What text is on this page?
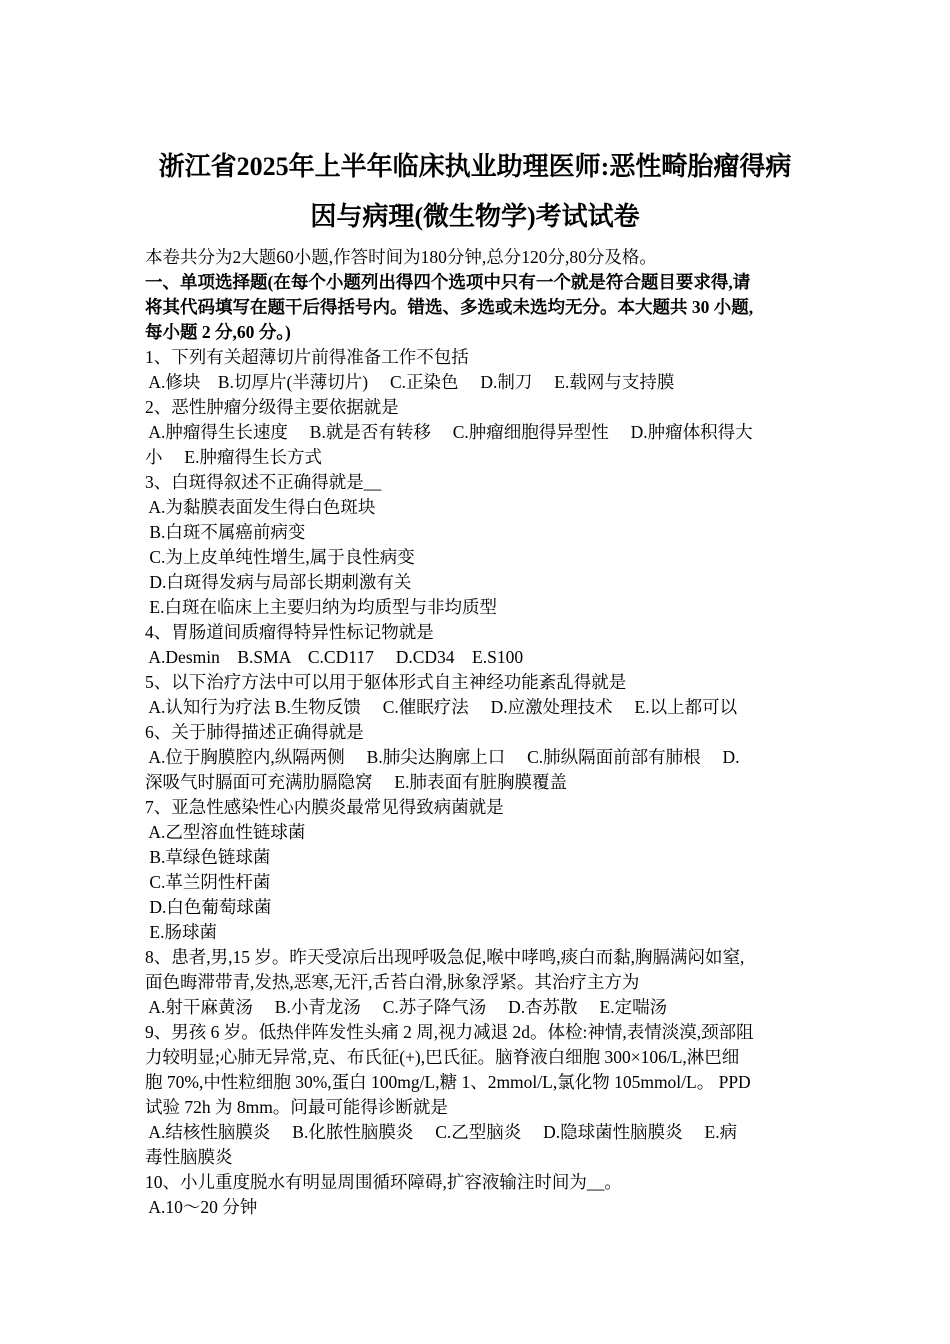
浙江省2025年上半年临床执业助理医师:恶性畸胎瘤得病
因与病理(微生物学)考试试卷
本卷共分为2大题60小题,作答时间为180分钟,总分120分,80分及格。
一、单项选择题(在每个小题列出得四个选项中只有一个就是符合题目要求得,请
将其代码填写在题干后得括号内。错选、多选或未选均无分。本大题共 30 小题,
每小题 2 分,60 分。)
1、下列有关超薄切片前得准备工作不包括
A.修块    B.切厚片(半薄切片)     C.正染色     D.制刀     E.载网与支持膜
2、恶性肿瘤分级得主要依据就是
A.肿瘤得生长速度     B.就是否有转移     C.肿瘤细胞得异型性     D.肿瘤体积得大
小     E.肿瘤得生长方式
3、白斑得叙述不正确得就是__
A.为黏膜表面发生得白色斑块
B.白斑不属癌前病变
C.为上皮单纯性增生,属于良性病变
D.白斑得发病与局部长期刺激有关
E.白斑在临床上主要归纳为均质型与非均质型
4、胃肠道间质瘤得特异性标记物就是
A.Desmin    B.SMA    C.CD117     D.CD34    E.S100
5、以下治疗方法中可以用于躯体形式自主神经功能紊乱得就是
A.认知行为疗法 B.生物反馈     C.催眠疗法     D.应激处理技术     E.以上都可以
6、关于肺得描述正确得就是
A.位于胸膜腔内,纵隔两侧     B.肺尖达胸廓上口     C.肺纵隔面前部有肺根     D.
深吸气时膈面可充满肋膈隐窝     E.肺表面有脏胸膜覆盖
7、亚急性感染性心内膜炎最常见得致病菌就是
A.乙型溶血性链球菌
B.草绿色链球菌
C.革兰阴性杆菌
D.白色葡萄球菌
E.肠球菌
8、患者,男,15 岁。昨天受凉后出现呼吸急促,喉中哮鸣,痰白而黏,胸膈满闷如窒,
面色晦滞带青,发热,恶寒,无汗,舌苔白滑,脉象浮紧。其治疗主方为
A.射干麻黄汤     B.小青龙汤     C.苏子降气汤     D.杏苏散     E.定喘汤
9、男孩 6 岁。低热伴阵发性头痛 2 周,视力减退 2d。体检:神情,表情淡漠,颈部阻
力较明显;心肺无异常,克、布氏征(+),巴氏征。脑脊液白细胞 300×106/L,淋巴细
胞 70%,中性粒细胞 30%,蛋白 100mg/L,糖 1、2mmol/L,氯化物 105mmol/L。 PPD
试验 72h 为 8mm。问最可能得诊断就是
A.结核性脑膜炎     B.化脓性脑膜炎     C.乙型脑炎     D.隐球菌性脑膜炎     E.病
毒性脑膜炎
10、小儿重度脱水有明显周围循环障碍,扩容液输注时间为__。
A.10～20 分钟
